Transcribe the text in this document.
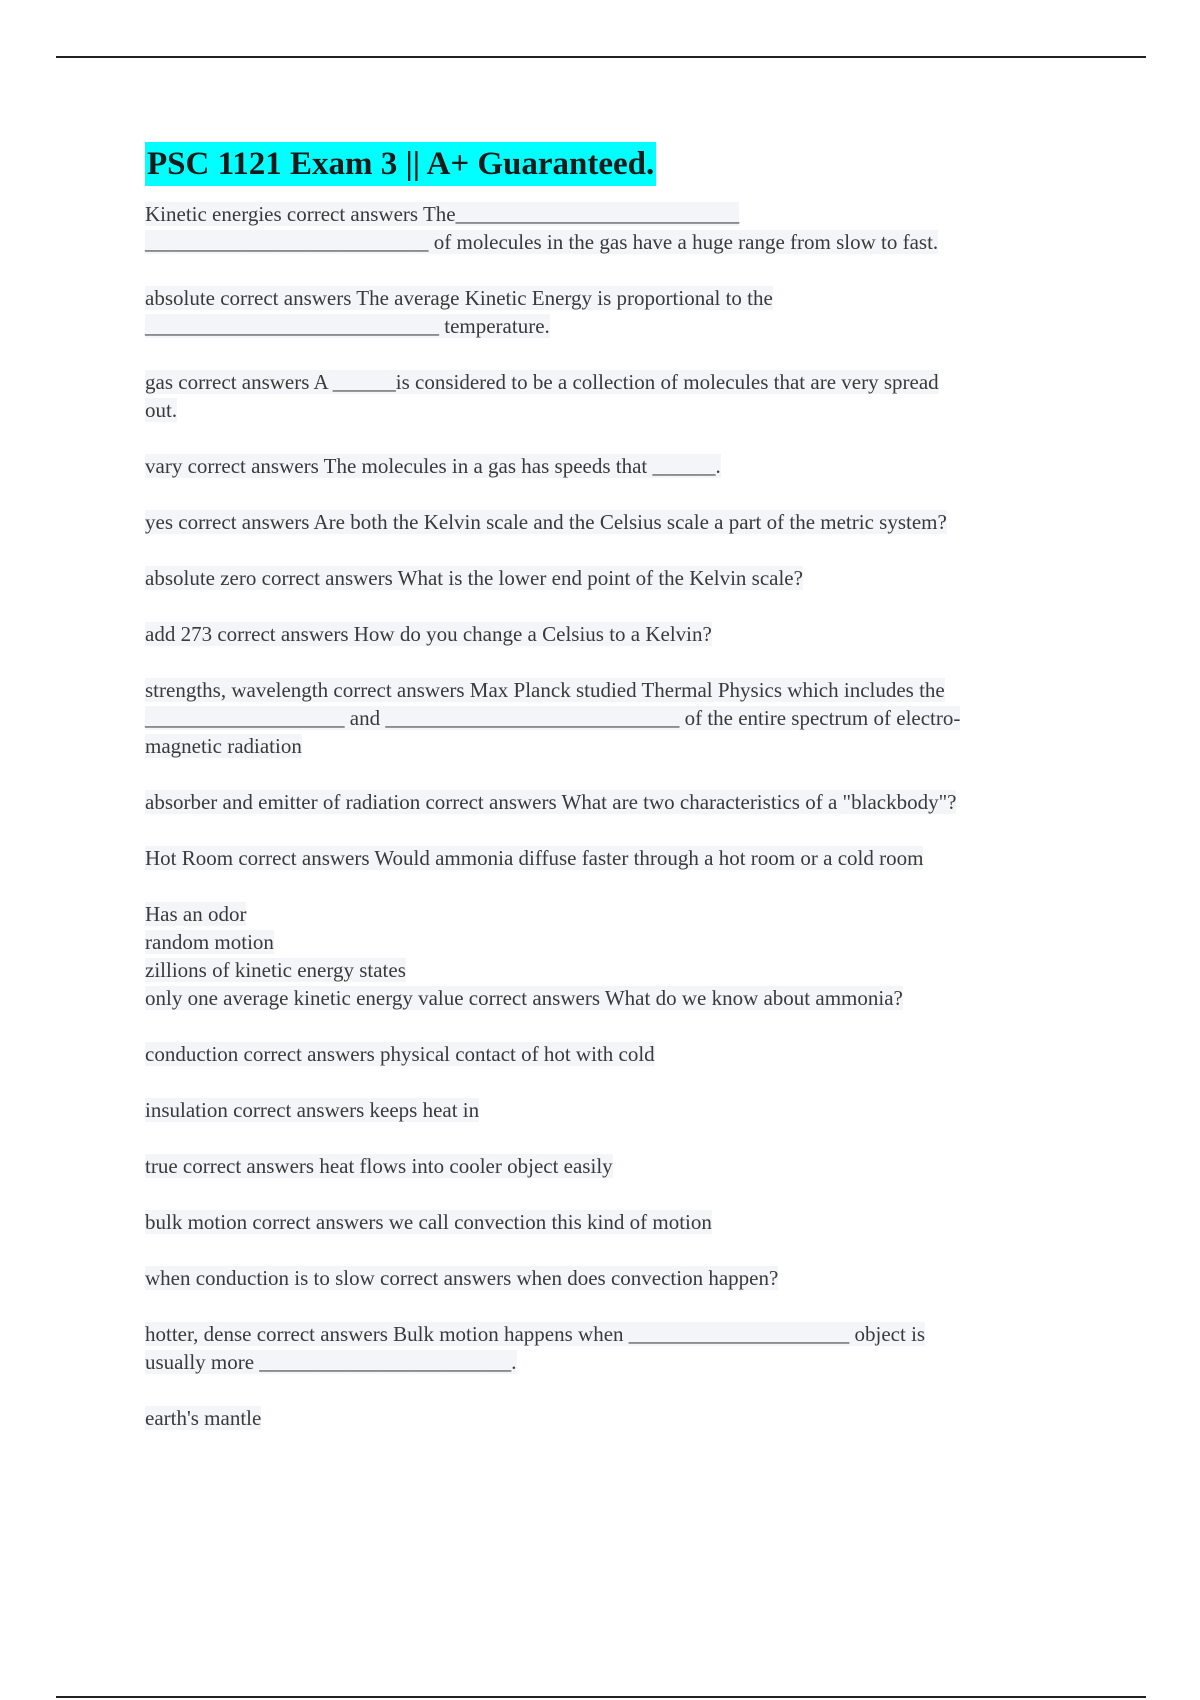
PSC 1121 Exam 3 || A+ Guaranteed.
Kinetic energies correct answers The___________________________
___________________________ of molecules in the gas have a huge range from slow to fast.
absolute correct answers The average Kinetic Energy is proportional to the
____________________________ temperature.
gas correct answers A ______is considered to be a collection of molecules that are very spread
out.
vary correct answers The molecules in a gas has speeds that ______.
yes correct answers Are both the Kelvin scale and the Celsius scale a part of the metric system?
absolute zero correct answers What is the lower end point of the Kelvin scale?
add 273 correct answers How do you change a Celsius to a Kelvin?
strengths, wavelength correct answers Max Planck studied Thermal Physics which includes the
___________________ and ____________________________ of the entire spectrum of electro-
magnetic radiation
absorber and emitter of radiation correct answers What are two characteristics of a "blackbody"?
Hot Room correct answers Would ammonia diffuse faster through a hot room or a cold room
Has an odor
random motion
zillions of kinetic energy states
only one average kinetic energy value correct answers What do we know about ammonia?
conduction correct answers physical contact of hot with cold
insulation correct answers keeps heat in
true correct answers heat flows into cooler object easily
bulk motion correct answers we call convection this kind of motion
when conduction is to slow correct answers when does convection happen?
hotter, dense correct answers Bulk motion happens when _____________________ object is
usually more ________________________.
earth's mantle
